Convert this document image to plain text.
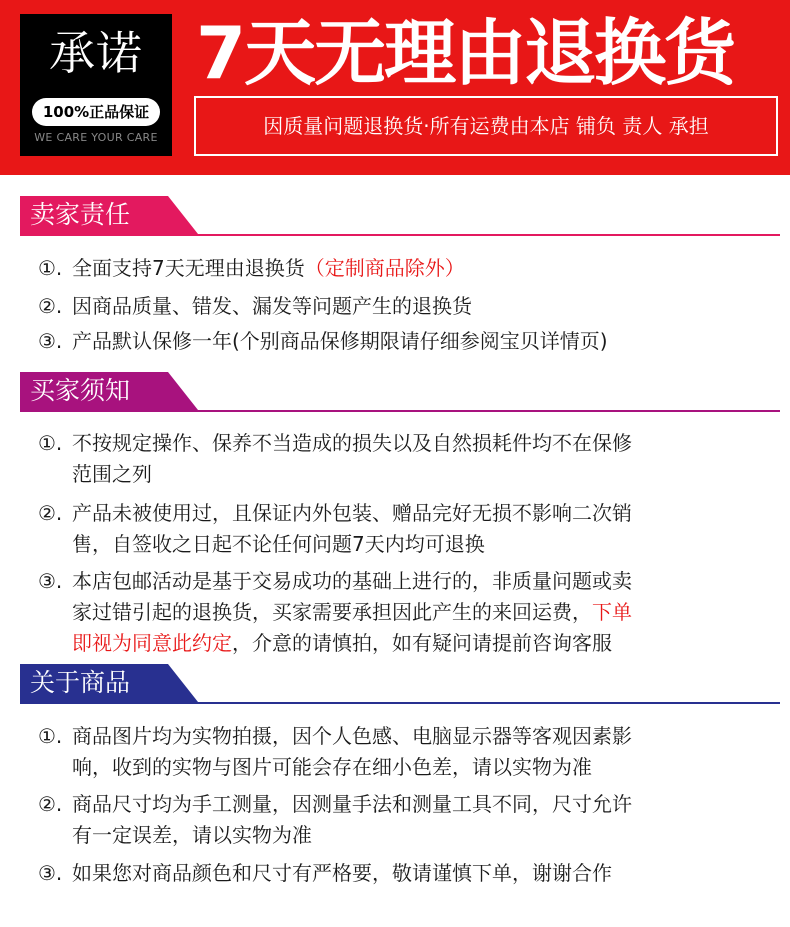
承诺
100%正品保证
WE CARE YOUR CARE
7天无理由退换货
因质量问题退换货·所有运费由本店 铺负 责人 承担
卖家责任
①. 全面支持7天无理由退换货（定制商品除外）
②. 因商品质量、错发、漏发等问题产生的退换货
③. 产品默认保修一年(个别商品保修期限请仔细参阅宝贝详情页)
买家须知
①. 不按规定操作、保养不当造成的损失以及自然损耗件均不在保修
范围之列
②. 产品未被使用过，且保证内外包装、赠品完好无损不影响二次销
售，自签收之日起不论任何问题7天内均可退换
③. 本店包邮活动是基于交易成功的基础上进行的，非质量问题或卖
家过错引起的退换货，买家需要承担因此产生的来回运费，下单
即视为同意此约定，介意的请慎拍，如有疑问请提前咨询客服
关于商品
①. 商品图片均为实物拍摄，因个人色感、电脑显示器等客观因素影
响，收到的实物与图片可能会存在细小色差，请以实物为准
②. 商品尺寸均为手工测量，因测量手法和测量工具不同，尺寸允许
有一定误差，请以实物为准
③. 如果您对商品颜色和尺寸有严格要，敬请谨慎下单，谢谢合作
